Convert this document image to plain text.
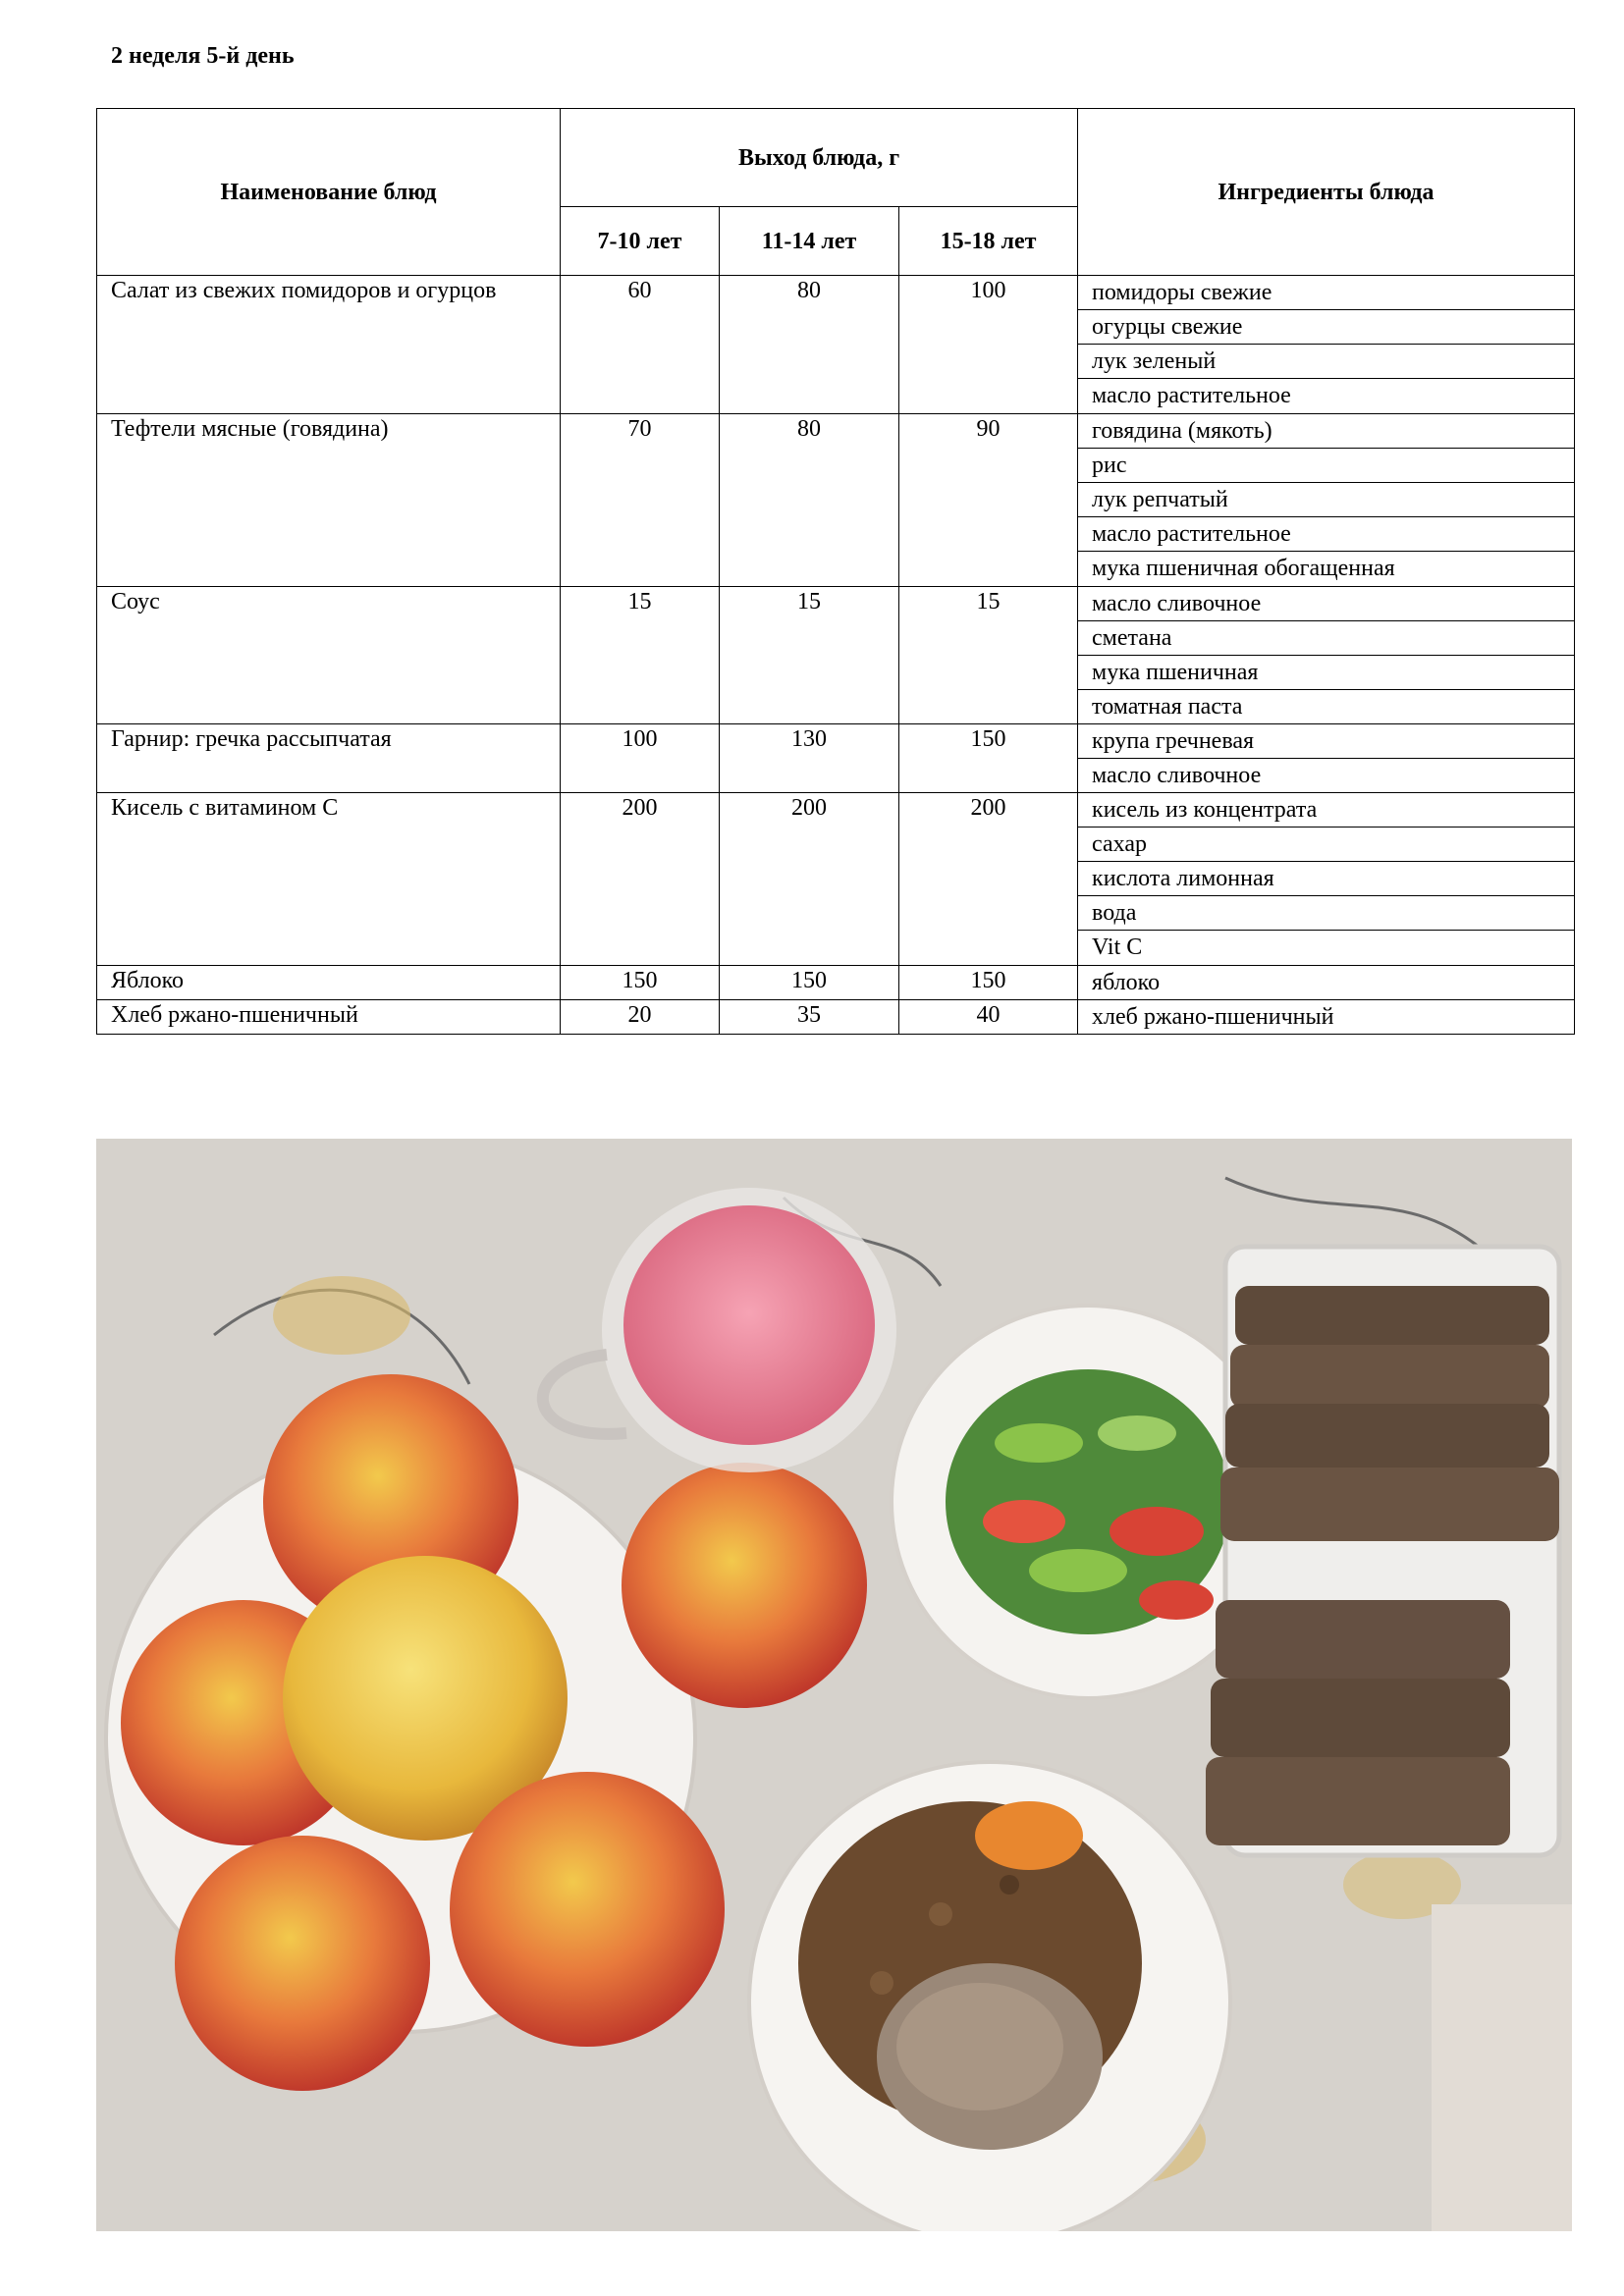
2 неделя 5-й день
Наименование блюд	Выход блюда, г			Ингредиенты блюда
	7-10 лет	11-14 лет	15-18 лет	
Салат из свежих помидоров и огурцов	60	80	100	помидоры свежие
огурцы свежие
лук зеленый
масло растительное

Тефтели мясные (говядина)	70	80	90	говядина (мякоть)
рис
лук репчатый
масло растительное
мука пшеничная обогащенная

Соус	15	15	15	масло сливочное
сметана
мука пшеничная
томатная паста

Гарнир: гречка рассыпчатая	100	130	150	крупа гречневая
масло сливочное

Кисель с витамином С	200	200	200	кисель из концентрата
сахар
кислота лимонная
вода
Vit C

Яблоко	150	150	150	яблоко

Хлеб ржано-пшеничный	20	35	40	хлеб ржано-пшеничный
